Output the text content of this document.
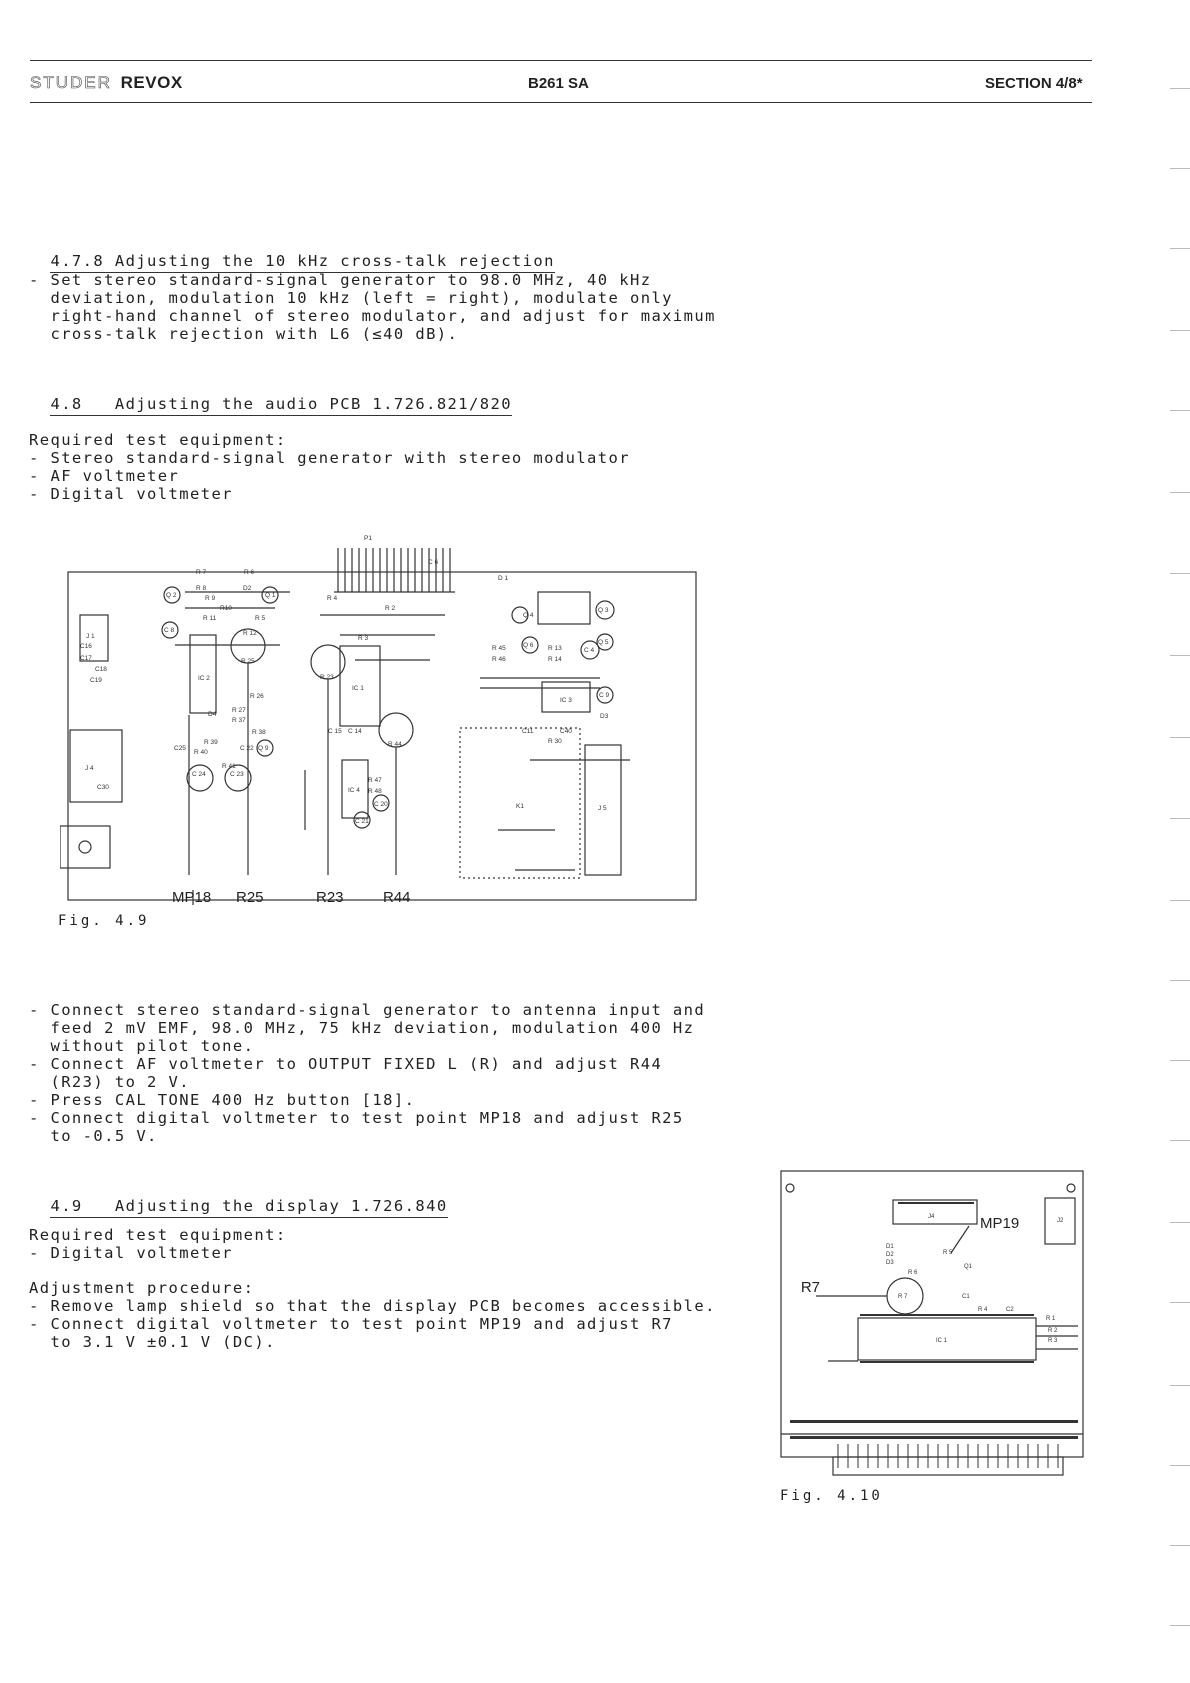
STUDER REVOX	B261 SA	SECTION 4/8*

4.7.8 Adjusting the 10 kHz cross-talk rejection

- Set stereo standard-signal generator to 98.0 MHz, 40 kHz
deviation, modulation 10 kHz (left = right), modulate only
right-hand channel of stereo modulator, and adjust for maximum
cross-talk rejection with L6 (≤40 dB).

4.8   Adjusting the audio PCB 1.726.821/820

Required test equipment:
- Stereo standard-signal generator with stereo modulator
- AF voltmeter
- Digital voltmeter
P1
R 7	R 6
R 8	D2
R 9
R10
R 11	R 5
R 12
R 25
R 23
R 44
R 4
R 2
R 3
R 26
R 27
R 37
R 38
R 39
R 40
R 41
R 47
R 48
R 45
R 46
R 13
R 14
R 30
IC 1
IC 2
IC 3
IC 4
Q 1
Q 2
Q 3
Q 4
Q 5
Q 6
Q 9
C 8
C 9
C 4
C 6
C 22
C 23
C 24
C 14
C 15
C 20
C 21
C16
C17
C18
C19
C30
C25
C11	C40
D3
D4
D 1
J 1
J 4
J 5
K1
MP18 R25	R23	R44
Fig. 4.9
- Connect stereo standard-signal generator to antenna input and
feed 2 mV EMF, 98.0 MHz, 75 kHz deviation, modulation 400 Hz
without pilot tone.
- Connect AF voltmeter to OUTPUT FIXED L (R) and adjust R44
(R23) to 2 V.
- Press CAL TONE 400 Hz button [18].
- Connect digital voltmeter to test point MP18 and adjust R25
to -0.5 V.

4.9   Adjusting the display 1.726.840

Required test equipment:
- Digital voltmeter
Adjustment procedure:
- Remove lamp shield so that the display PCB becomes accessible.
- Connect digital voltmeter to test point MP19 and adjust R7
to 3.1 V ±0.1 V (DC).
J4
J2
D1
D2
D3
R 5
R 6
Q1
R 7	C1
R 4	C2
R 1
IC 1
R 2
R 3
MP19
R7
Fig. 4.10
